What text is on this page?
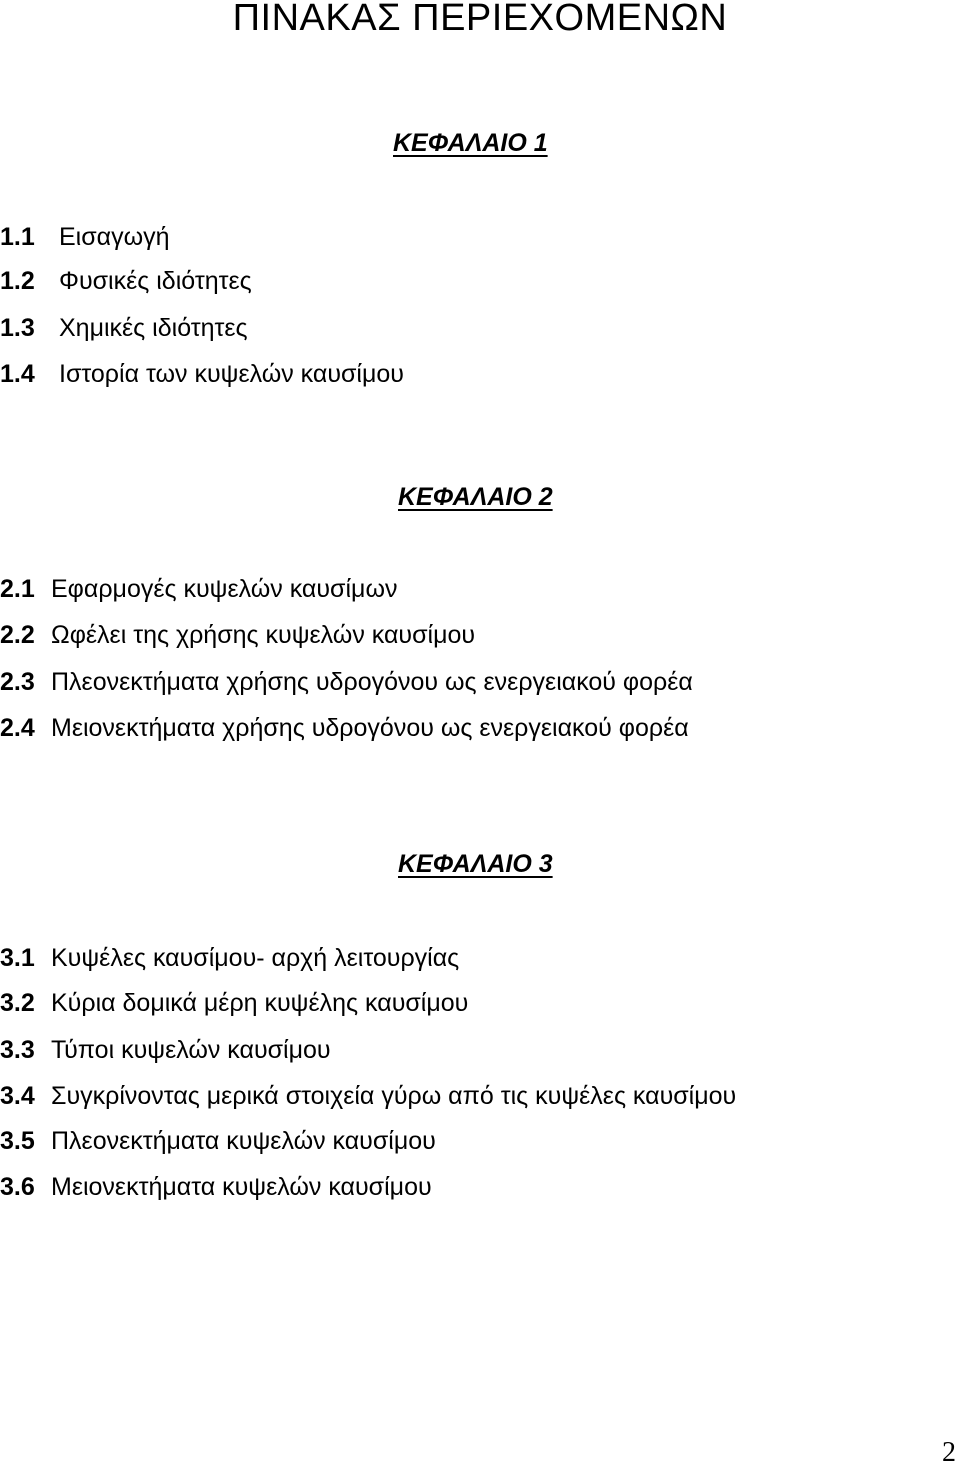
ΠΙΝΑΚΑΣ ΠΕΡΙΕΧΟΜΕΝΩΝ
ΚΕΦΑΛΑΙΟ 1
1.1 Εισαγωγή
1.2 Φυσικές ιδιότητες
1.3 Χημικές ιδιότητες
1.4 Ιστορία των κυψελών καυσίμου
ΚΕΦΑΛΑΙΟ 2
2.1 Εφαρμογές κυψελών καυσίμων
2.2 Ωφέλει της χρήσης κυψελών καυσίμου
2.3 Πλεονεκτήματα χρήσης υδρογόνου ως ενεργειακού φορέα
2.4 Μειονεκτήματα χρήσης υδρογόνου ως ενεργειακού φορέα
ΚΕΦΑΛΑΙΟ 3
3.1 Κυψέλες καυσίμου- αρχή λειτουργίας
3.2 Κύρια δομικά μέρη κυψέλης καυσίμου
3.3 Τύποι κυψελών καυσίμου
3.4 Συγκρίνοντας μερικά στοιχεία γύρω από τις κυψέλες καυσίμου
3.5 Πλεονεκτήματα κυψελών καυσίμου
3.6 Μειονεκτήματα κυψελών καυσίμου
2
